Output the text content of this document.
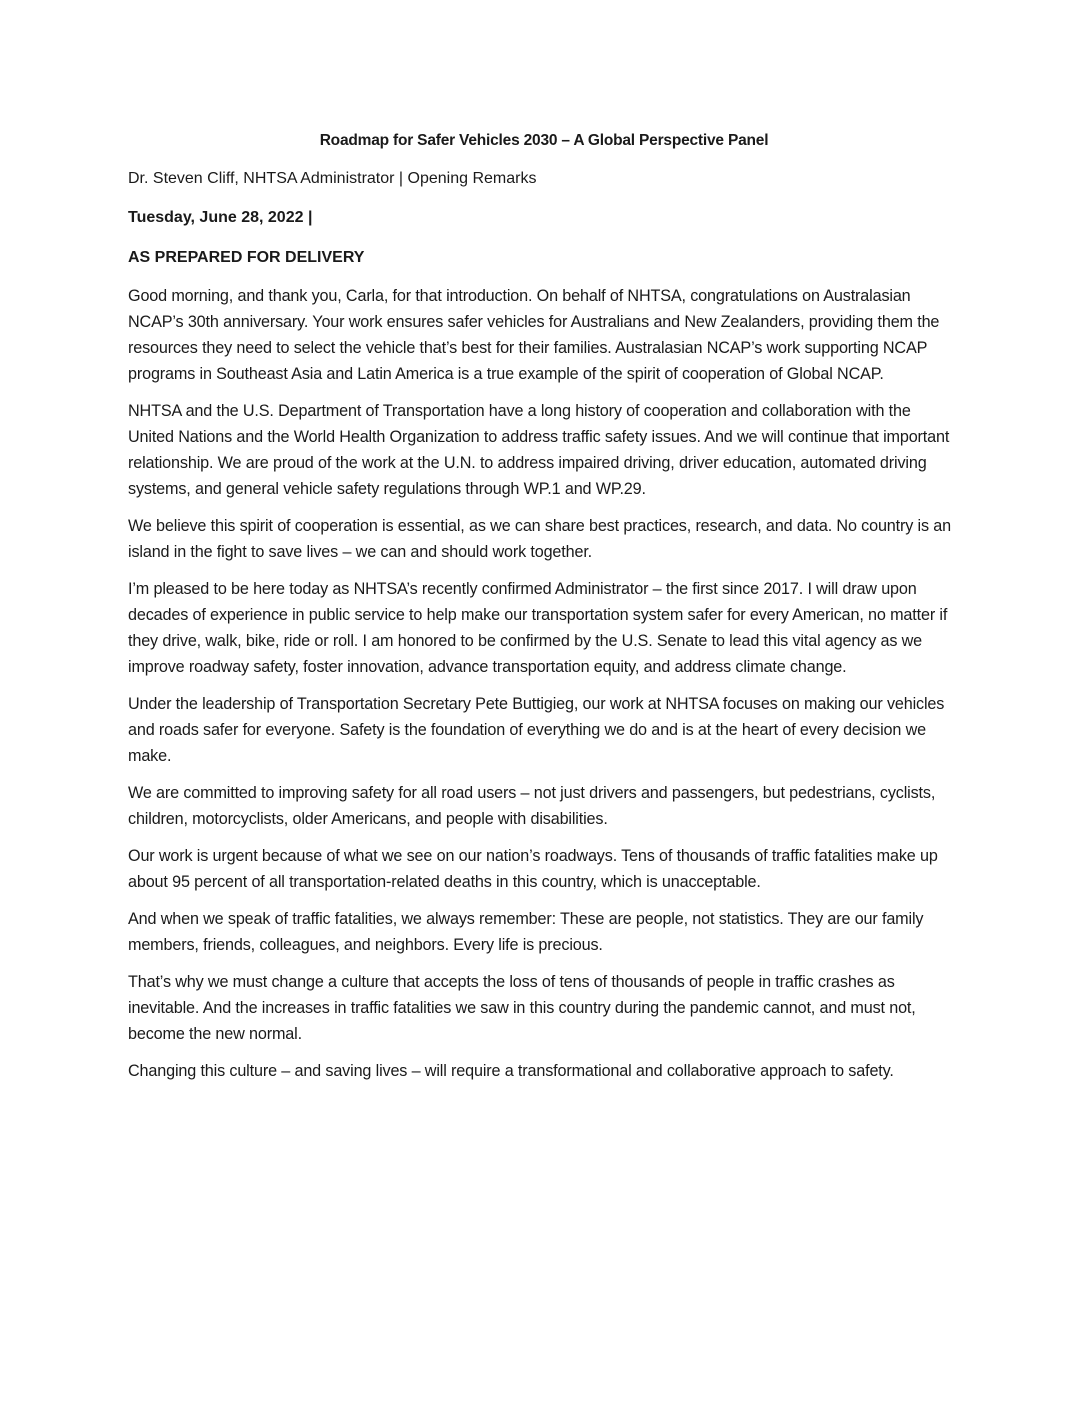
Roadmap for Safer Vehicles 2030 – A Global Perspective Panel
Dr. Steven Cliff, NHTSA Administrator | Opening Remarks
Tuesday, June 28, 2022 |
AS PREPARED FOR DELIVERY

Good morning, and thank you, Carla, for that introduction. On behalf of NHTSA, congratulations on Australasian NCAP’s 30th anniversary. Your work ensures safer vehicles for Australians and New Zealanders, providing them the resources they need to select the vehicle that’s best for their families. Australasian NCAP’s work supporting NCAP programs in Southeast Asia and Latin America is a true example of the spirit of cooperation of Global NCAP.

NHTSA and the U.S. Department of Transportation have a long history of cooperation and collaboration with the United Nations and the World Health Organization to address traffic safety issues. And we will continue that important relationship. We are proud of the work at the U.N. to address impaired driving, driver education, automated driving systems, and general vehicle safety regulations through WP.1 and WP.29.

We believe this spirit of cooperation is essential, as we can share best practices, research, and data. No country is an island in the fight to save lives – we can and should work together.

I’m pleased to be here today as NHTSA’s recently confirmed Administrator – the first since 2017. I will draw upon decades of experience in public service to help make our transportation system safer for every American, no matter if they drive, walk, bike, ride or roll. I am honored to be confirmed by the U.S. Senate to lead this vital agency as we improve roadway safety, foster innovation, advance transportation equity, and address climate change.

Under the leadership of Transportation Secretary Pete Buttigieg, our work at NHTSA focuses on making our vehicles and roads safer for everyone. Safety is the foundation of everything we do and is at the heart of every decision we make.

We are committed to improving safety for all road users – not just drivers and passengers, but pedestrians, cyclists, children, motorcyclists, older Americans, and people with disabilities.

Our work is urgent because of what we see on our nation’s roadways. Tens of thousands of traffic fatalities make up about 95 percent of all transportation-related deaths in this country, which is unacceptable.

And when we speak of traffic fatalities, we always remember: These are people, not statistics. They are our family members, friends, colleagues, and neighbors. Every life is precious.

That’s why we must change a culture that accepts the loss of tens of thousands of people in traffic crashes as inevitable. And the increases in traffic fatalities we saw in this country during the pandemic cannot, and must not, become the new normal.

Changing this culture – and saving lives – will require a transformational and collaborative approach to safety.
